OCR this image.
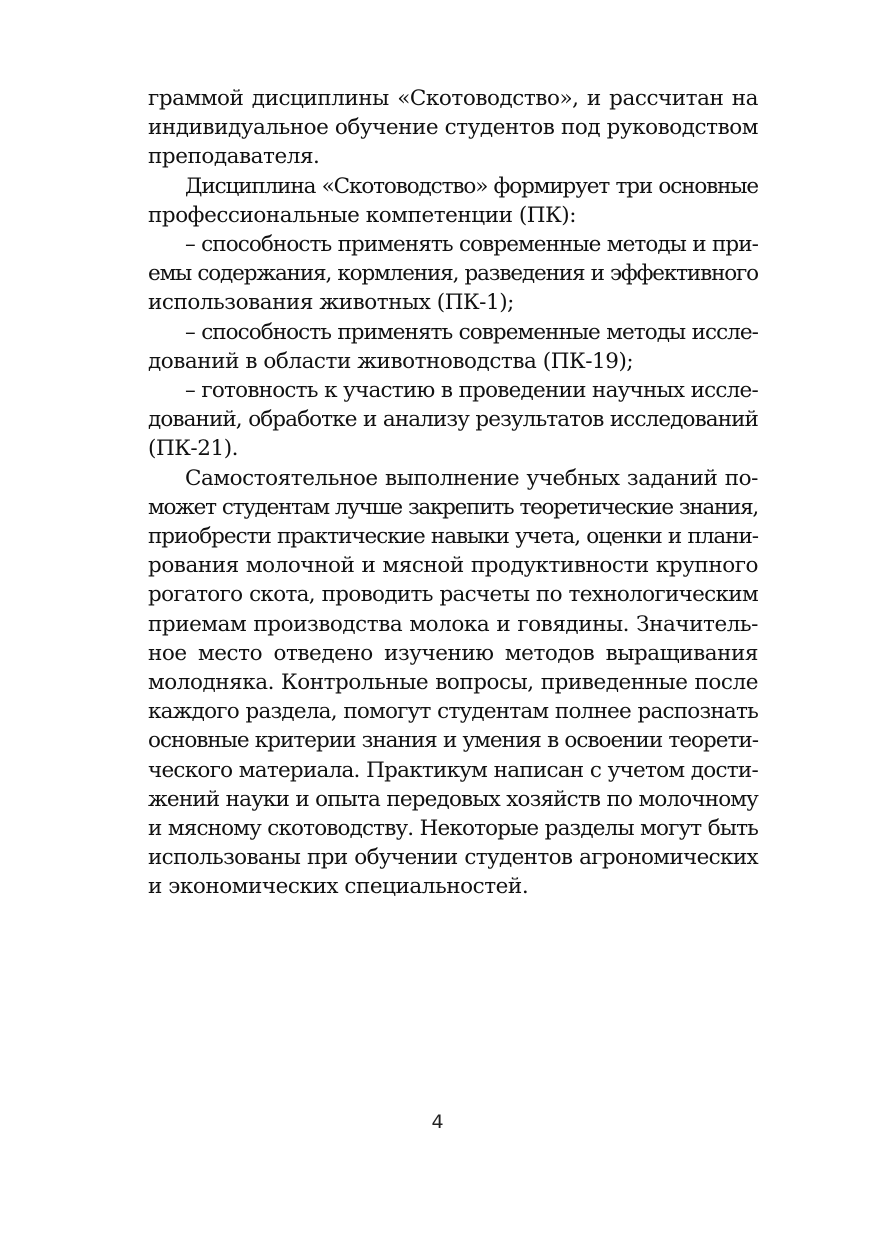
граммой дисциплины «Скотоводство», и рассчитан на
индивидуальное обучение студентов под руководством
преподавателя.
Дисциплина «Скотоводство» формирует три основные
профессиональные компетенции (ПК):
– способность применять современные методы и при-
емы содержания, кормления, разведения и эффективного
использования животных (ПК-1);
– способность применять современные методы иссле-
дований в области животноводства (ПК-19);
– готовность к участию в проведении научных иссле-
дований, обработке и анализу результатов исследований
(ПК-21).
Самостоятельное выполнение учебных заданий по-
может студентам лучше закрепить теоретические знания,
приобрести практические навыки учета, оценки и плани-
рования молочной и мясной продуктивности крупного
рогатого скота, проводить расчеты по технологическим
приемам производства молока и говядины. Значитель-
ное место отведено изучению методов выращивания
молодняка. Контрольные вопросы, приведенные после
каждого раздела, помогут студентам полнее распознать
основные критерии знания и умения в освоении теорети-
ческого материала. Практикум написан с учетом дости-
жений науки и опыта передовых хозяйств по молочному
и мясному скотоводству. Некоторые разделы могут быть
использованы при обучении студентов агрономических
и экономических специальностей.
4
